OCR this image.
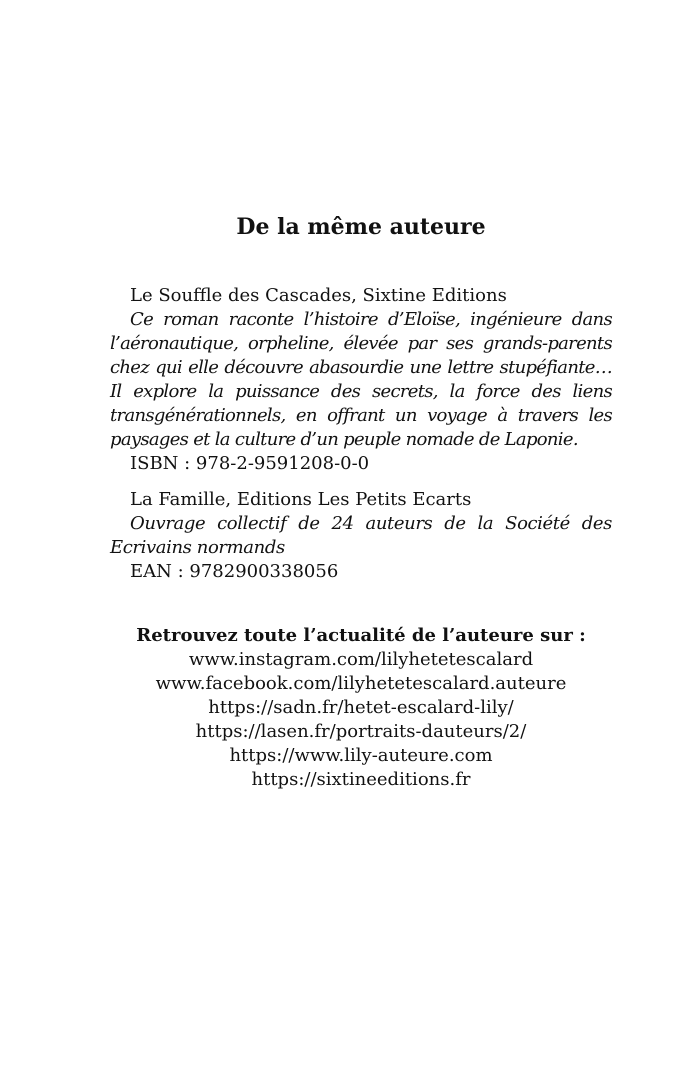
De la même auteure
Le Souffle des Cascades, Sixtine Editions
Ce roman raconte l’histoire d’Eloïse, ingénieure dans l’aéronautique, orpheline, élevée par ses grands-parents chez qui elle découvre abasourdie une lettre stupéfiante… Il explore la puissance des secrets, la force des liens transgénérationnels, en offrant un voyage à travers les paysages et la culture d’un peuple nomade de Laponie.
ISBN : 978-2-9591208-0-0
La Famille, Editions Les Petits Ecarts
Ouvrage collectif de 24 auteurs de la Société des Ecrivains normands
EAN : 9782900338056
Retrouvez toute l’actualité de l’auteure sur :
www.instagram.com/lilyhetetescalard
www.facebook.com/lilyhetetescalard.auteure
https://sadn.fr/hetet-escalard-lily/
https://lasen.fr/portraits-dauteurs/2/
https://www.lily-auteure.com
https://sixtineeditions.fr
